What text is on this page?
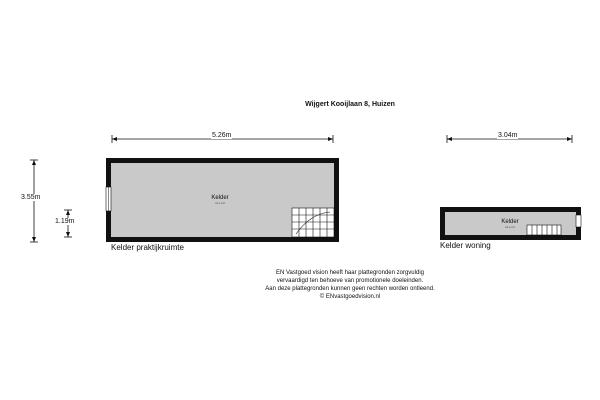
Wijgert Kooijlaan 8, Huizen
5.26m
3.55m
1.19m
3.04m
Kelder
xx.x m²
Kelder
xx.x m²
Kelder praktijkruimte	Kelder woning
EN Vastgoed vision heeft haar plattegronden zorgvuldig
vervaardigd ten behoeve van promotionele doeleinden.
Aan deze plattegronden kunnen geen rechten worden ontleend.
© ENvastgoedvision.nl
